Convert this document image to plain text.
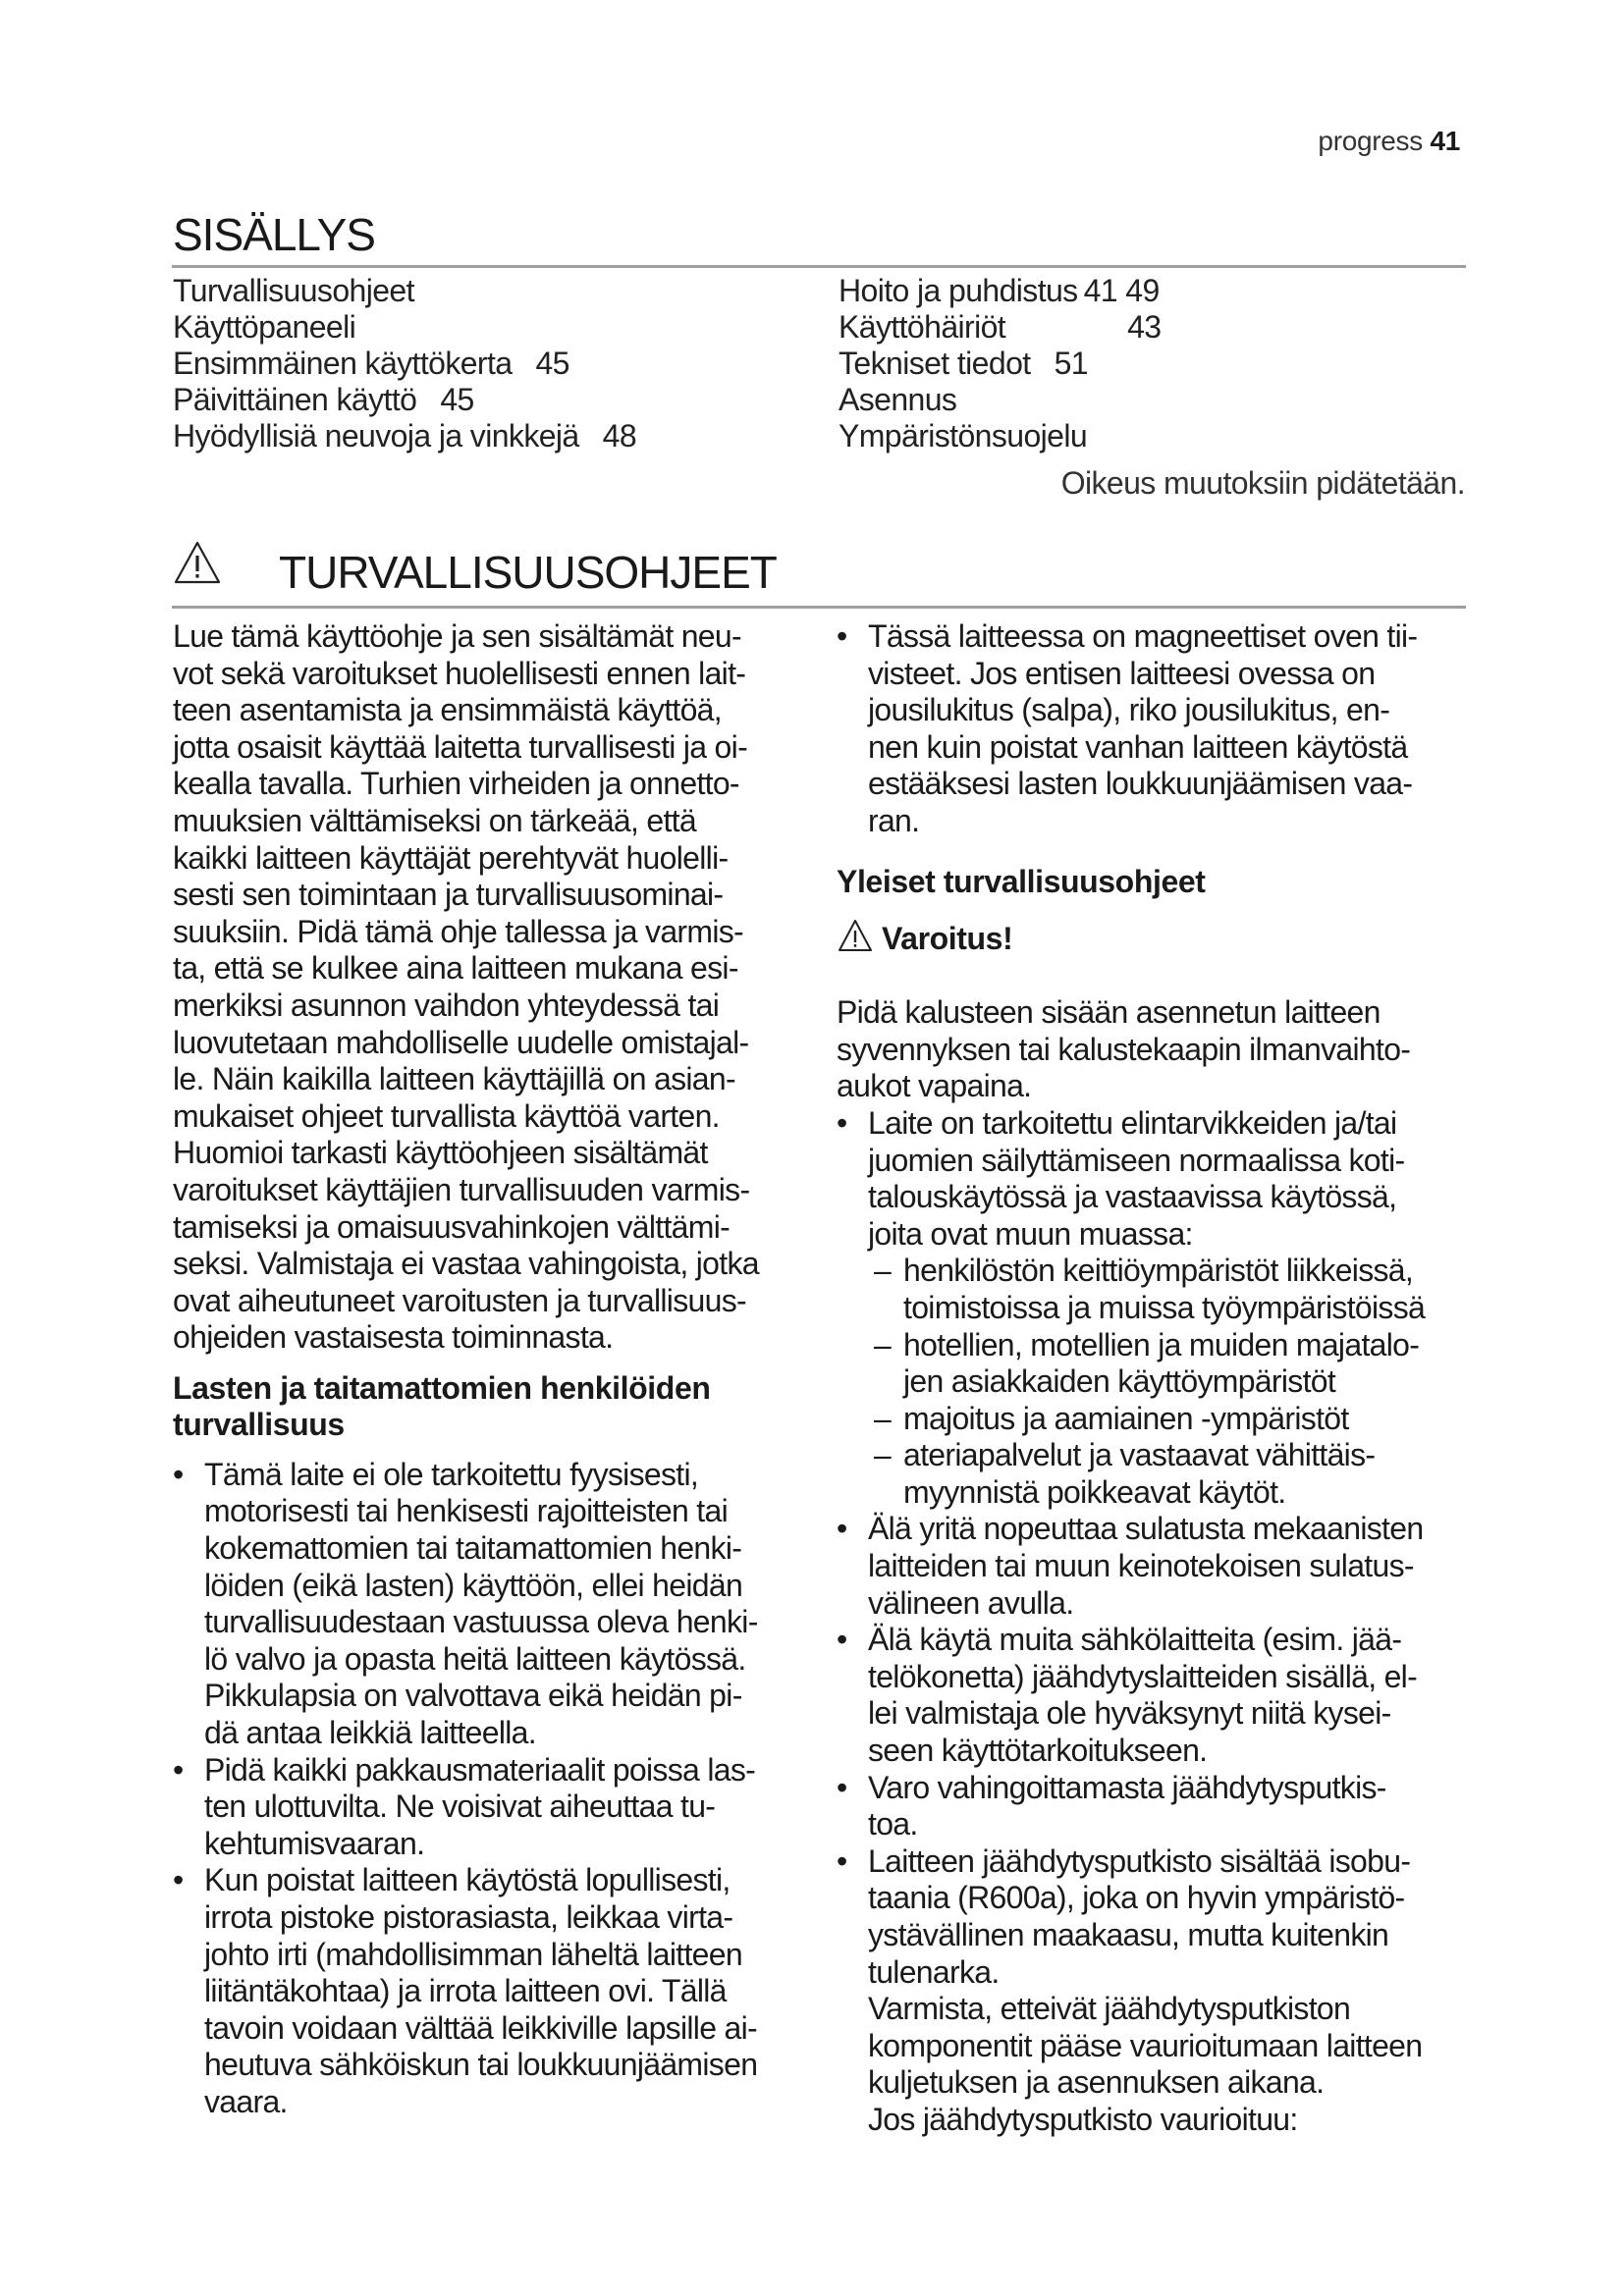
progress 41
SISÄLLYS
Turvallisuusohjeet
Käyttöpaneeli
Ensimmäinen käyttökerta 45
Päivittäinen käyttö 45
Hyödyllisiä neuvoja ja vinkkejä 48
Hoito ja puhdistus 41 49
Käyttöhäiriöt	43
Tekniset tiedot 51
Asennus
Ympäristönsuojelu
Oikeus muutoksiin pidätetään.
TURVALLISUUSOHJEET

Lue tämä käyttöohje ja sen sisältämät neu-
vot sekä varoitukset huolellisesti ennen lait-
teen asentamista ja ensimmäistä käyttöä,
jotta osaisit käyttää laitetta turvallisesti ja oi-
kealla tavalla. Turhien virheiden ja onnetto-
muuksien välttämiseksi on tärkeää, että
kaikki laitteen käyttäjät perehtyvät huolelli-
sesti sen toimintaan ja turvallisuusominai-
suuksiin. Pidä tämä ohje tallessa ja varmis-
ta, että se kulkee aina laitteen mukana esi-
merkiksi asunnon vaihdon yhteydessä tai
luovutetaan mahdolliselle uudelle omistajal-
le. Näin kaikilla laitteen käyttäjillä on asian-
mukaiset ohjeet turvallista käyttöä varten.
Huomioi tarkasti käyttöohjeen sisältämät
varoitukset käyttäjien turvallisuuden varmis-
tamiseksi ja omaisuusvahinkojen välttämi-
seksi. Valmistaja ei vastaa vahingoista, jotka
ovat aiheutuneet varoitusten ja turvallisuus-
ohjeiden vastaisesta toiminnasta.

Lasten ja taitamattomien henkilöiden
turvallisuus
• Tämä laite ei ole tarkoitettu fyysisesti,
motorisesti tai henkisesti rajoitteisten tai
kokemattomien tai taitamattomien henki-
löiden (eikä lasten) käyttöön, ellei heidän
turvallisuudestaan vastuussa oleva henki-
lö valvo ja opasta heitä laitteen käytössä.
Pikkulapsia on valvottava eikä heidän pi-
dä antaa leikkiä laitteella.
• Pidä kaikki pakkausmateriaalit poissa las-
ten ulottuvilta. Ne voisivat aiheuttaa tu-
kehtumisvaaran.
• Kun poistat laitteen käytöstä lopullisesti,
irrota pistoke pistorasiasta, leikkaa virta-
johto irti (mahdollisimman läheltä laitteen
liitäntäkohtaa) ja irrota laitteen ovi. Tällä
tavoin voidaan välttää leikkiville lapsille ai-
heutuva sähköiskun tai loukkuunjäämisen
vaara.
• Tässä laitteessa on magneettiset oven tii-
visteet. Jos entisen laitteesi ovessa on
jousilukitus (salpa), riko jousilukitus, en-
nen kuin poistat vanhan laitteen käytöstä
estääksesi lasten loukkuunjäämisen vaa-
ran.
Yleiset turvallisuusohjeet
Varoitus!

Pidä kalusteen sisään asennetun laitteen
syvennyksen tai kalustekaapin ilmanvaihto-
aukot vapaina.

• Laite on tarkoitettu elintarvikkeiden ja/tai
juomien säilyttämiseen normaalissa koti-
talouskäytössä ja vastaavissa käytössä,
joita ovat muun muassa:
– henkilöstön keittiöympäristöt liikkeissä,
toimistoissa ja muissa työympäristöissä
– hotellien, motellien ja muiden majatalo-
jen asiakkaiden käyttöympäristöt
– majoitus ja aamiainen -ympäristöt
– ateriapalvelut ja vastaavat vähittäis-
myynnistä poikkeavat käytöt.
• Älä yritä nopeuttaa sulatusta mekaanisten
laitteiden tai muun keinotekoisen sulatus-
välineen avulla.
• Älä käytä muita sähkölaitteita (esim. jää-
telökonetta) jäähdytyslaitteiden sisällä, el-
lei valmistaja ole hyväksynyt niitä kysei-
seen käyttötarkoitukseen.
• Varo vahingoittamasta jäähdytysputkis-
toa.
• Laitteen jäähdytysputkisto sisältää isobu-
taania (R600a), joka on hyvin ympäristö-
ystävällinen maakaasu, mutta kuitenkin
tulenarka.
Varmista, etteivät jäähdytysputkiston
komponentit pääse vaurioitumaan laitteen
kuljetuksen ja asennuksen aikana.
Jos jäähdytysputkisto vaurioituu:
